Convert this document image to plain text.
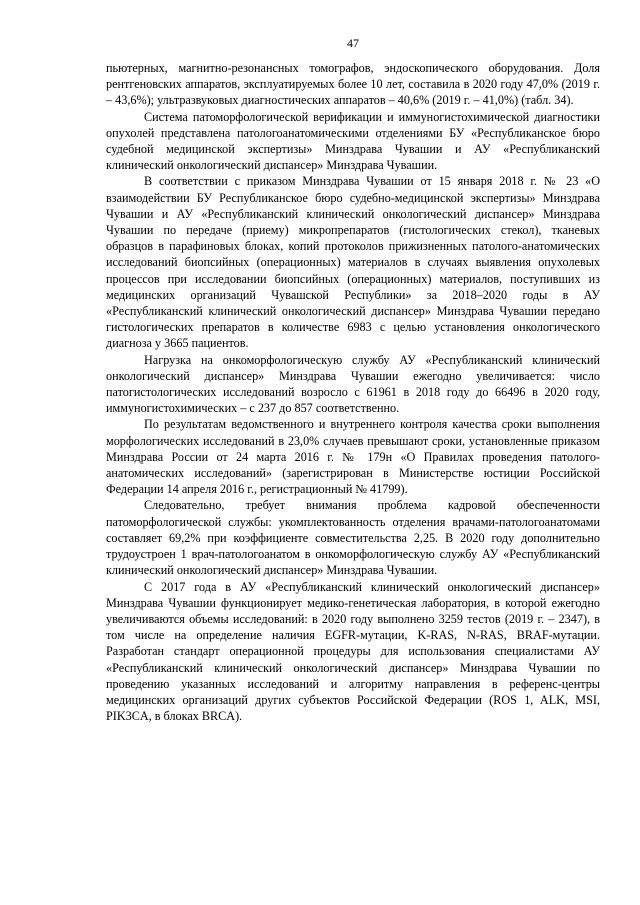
47

пьютерных, магнитно-резонансных томографов, эндоскопического оборудования. Доля рентгеновских аппаратов, эксплуатируемых более 10 лет, составила в 2020 году 47,0% (2019 г. – 43,6%); ультразвуковых диагностических аппаратов – 40,6% (2019 г. – 41,0%) (табл. 34).

Система патоморфологической верификации и иммуногистохимической диагностики опухолей представлена патологоанатомическими отделениями БУ «Республиканское бюро судебной медицинской экспертизы» Минздрава Чувашии и АУ «Республиканский клинический онкологический диспансер» Минздрава Чувашии.

В соответствии с приказом Минздрава Чувашии от 15 января 2018 г. № 23 «О взаимодействии БУ Республиканское бюро судебно-медицинской экспертизы» Минздрава Чувашии и АУ «Республиканский клинический онкологический диспансер» Минздрава Чувашии по передаче (приему) микропрепаратов (гистологических стекол), тканевых образцов в парафиновых блоках, копий протоколов прижизненных патолого-анатомических исследований биопсийных (операционных) материалов в случаях выявления опухолевых процессов при исследовании биопсийных (операционных) материалов, поступивших из медицинских организаций Чувашской Республики» за 2018–2020 годы в АУ «Республиканский клинический онкологический диспансер» Минздрава Чувашии передано гистологических препаратов в количестве 6983 с целью установления онкологического диагноза у 3665 пациентов.

Нагрузка на онкоморфологическую службу АУ «Республиканский клинический онкологический диспансер» Минздрава Чувашии ежегодно увеличивается: число патогистологических исследований возросло с 61961 в 2018 году до 66496 в 2020 году, иммуногистохимических – с 237 до 857 соответственно.

По результатам ведомственного и внутреннего контроля качества сроки выполнения морфологических исследований в 23,0% случаев превышают сроки, установленные приказом Минздрава России от 24 марта 2016 г. № 179н «О Правилах проведения патолого-анатомических исследований» (зарегистрирован в Министерстве юстиции Российской Федерации 14 апреля 2016 г., регистрационный № 41799).

Следовательно, требует внимания проблема кадровой обеспеченности патоморфологической службы: укомплектованность отделения врачами-патологоанатомами составляет 69,2% при коэффициенте совместительства 2,25. В 2020 году дополнительно трудоустроен 1 врач-патологоанатом в онкоморфологическую службу АУ «Республиканский клинический онкологический диспансер» Минздрава Чувашии.

С 2017 года в АУ «Республиканский клинический онкологический диспансер» Минздрава Чувашии функционирует медико-генетическая лаборатория, в которой ежегодно увеличиваются объемы исследований: в 2020 году выполнено 3259 тестов (2019 г. – 2347), в том числе на определение наличия EGFR-мутации, K-RAS, N-RAS, BRAF-мутации. Разработан стандарт операционной процедуры для использования специалистами АУ «Республиканский клинический онкологический диспансер» Минздрава Чувашии по проведению указанных исследований и алгоритму направления в референс-центры медицинских организаций других субъектов Российской Федерации (ROS 1, ALK, MSI, PIK3CA, в блоках BRCA).
